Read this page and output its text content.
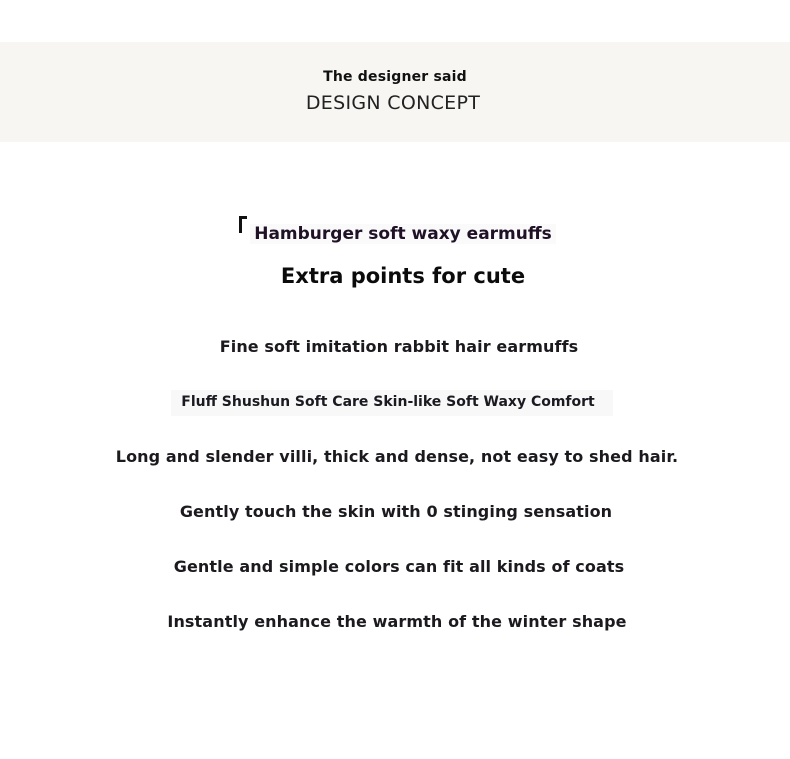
The designer said
DESIGN CONCEPT
Hamburger soft waxy earmuffs
Extra points for cute
Fine soft imitation rabbit hair earmuffs
Fluff Shushun Soft Care Skin-like Soft Waxy Comfort
Long and slender villi, thick and dense, not easy to shed hair.
Gently touch the skin with 0 stinging sensation
Gentle and simple colors can fit all kinds of coats
Instantly enhance the warmth of the winter shape
